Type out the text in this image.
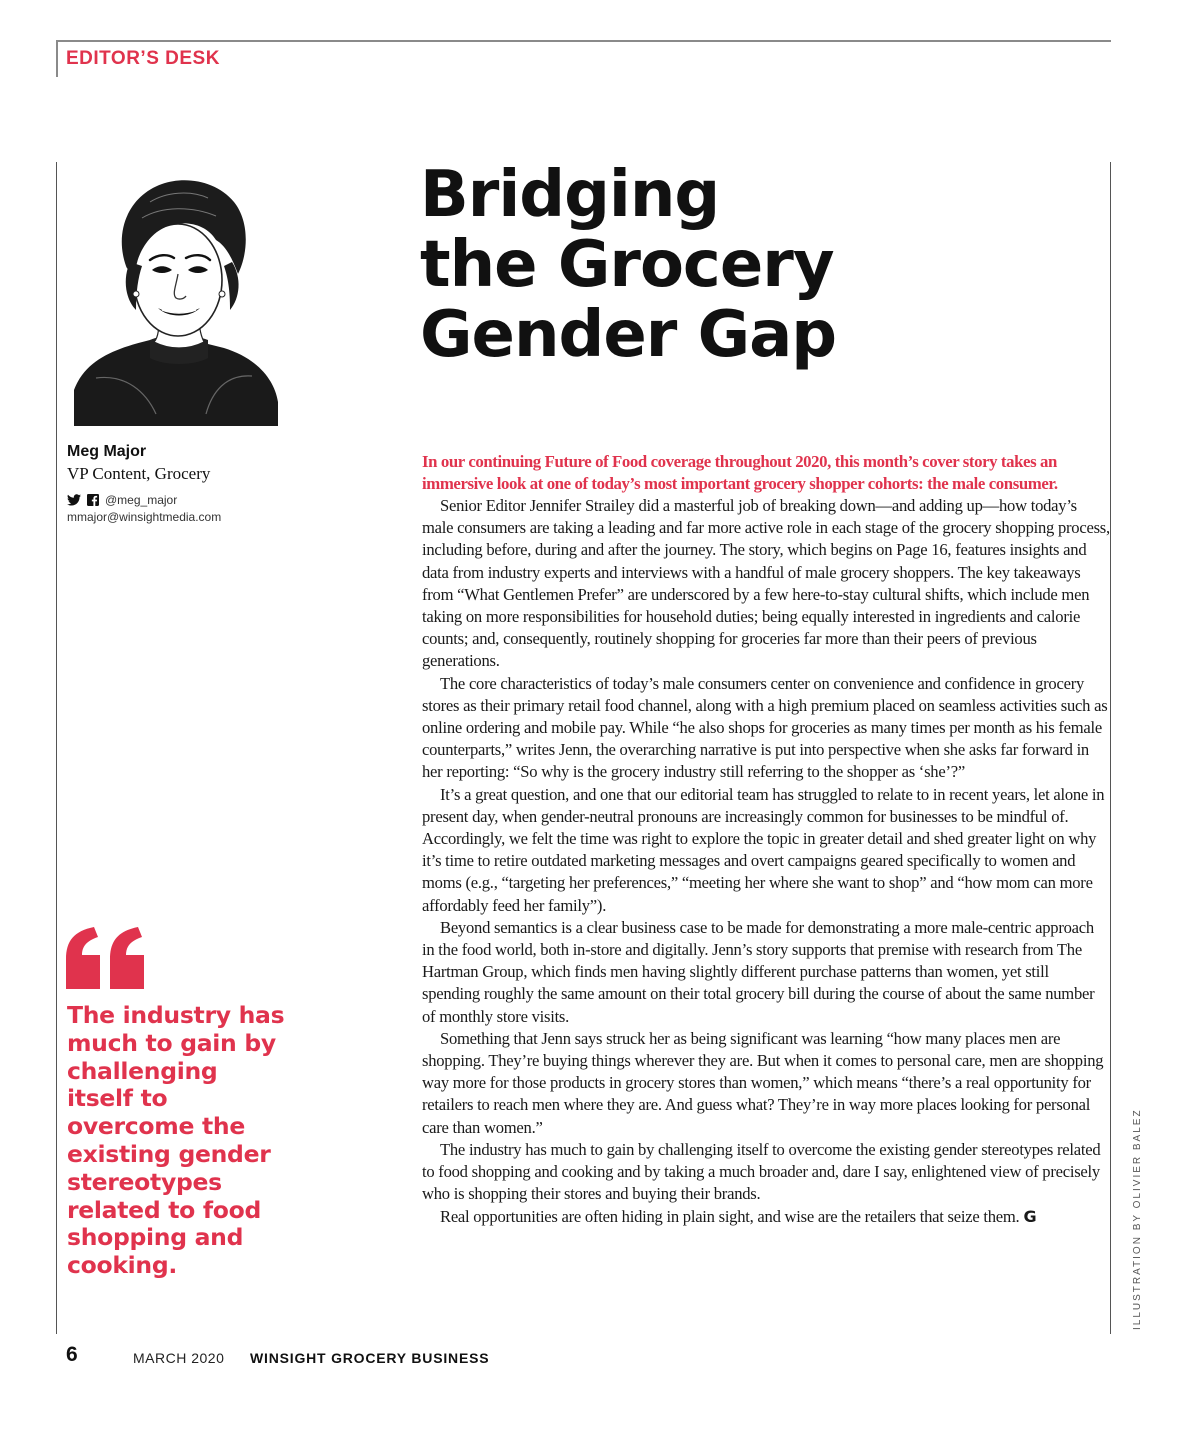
EDITOR’S DESK
Meg Major
VP Content, Grocery
@meg_major
mmajor@winsightmedia.com
Bridging
the Grocery
Gender Gap

In our continuing Future of Food coverage throughout 2020, this month’s cover story takes an immersive look at one of today’s most important grocery shopper cohorts: the male consumer.

Senior Editor Jennifer Strailey did a masterful job of breaking down—and adding up—how today’s male consumers are taking a leading and far more active role in each stage of the grocery shopping process, including before, during and after the journey. The story, which begins on Page 16, features insights and data from industry experts and interviews with a handful of male grocery shoppers. The key takeaways from “What Gentlemen Prefer” are underscored by a few here-to-stay cultural shifts, which include men taking on more responsibilities for household duties; being equally interested in ingredients and calorie counts; and, consequently, routinely shopping for groceries far more than their peers of previous generations.

The core characteristics of today’s male consumers center on convenience and confidence in grocery stores as their primary retail food channel, along with a high premium placed on seamless activities such as online ordering and mobile pay. While “he also shops for groceries as many times per month as his female counterparts,” writes Jenn, the overarching narrative is put into perspective when she asks far forward in her reporting: “So why is the grocery industry still referring to the shopper as ‘she’?”

It’s a great question, and one that our editorial team has struggled to relate to in recent years, let alone in present day, when gender-neutral pronouns are increasingly common for businesses to be mindful of. Accordingly, we felt the time was right to explore the topic in greater detail and shed greater light on why it’s time to retire outdated marketing messages and overt campaigns geared specifically to women and moms (e.g., “targeting her preferences,” “meeting her where she want to shop” and “how mom can more affordably feed her family”).

Beyond semantics is a clear business case to be made for demonstrating a more male-centric approach in the food world, both in-store and digitally. Jenn’s story supports that premise with research from The Hartman Group, which finds men having slightly different purchase patterns than women, yet still spending roughly the same amount on their total grocery bill during the course of about the same number of monthly store visits.

Something that Jenn says struck her as being significant was learning “how many places men are shopping. They’re buying things wherever they are. But when it comes to personal care, men are shopping way more for those products in grocery stores than women,” which means “there’s a real opportunity for retailers to reach men where they are. And guess what? They’re in way more places looking for personal care than women.”

The industry has much to gain by challenging itself to overcome the existing gender stereotypes related to food shopping and cooking and by taking a much broader and, dare I say, enlightened view of precisely who is shopping their stores and buying their brands.

Real opportunities are often hiding in plain sight, and wise are the retailers that seize them. G

The industry has much to gain by challenging itself to overcome the existing gender stereotypes related to food shopping and cooking.	ILLUSTRATION BY OLIVIER BALEZ
6	MARCH 2020 WINSIGHT GROCERY BUSINESS
